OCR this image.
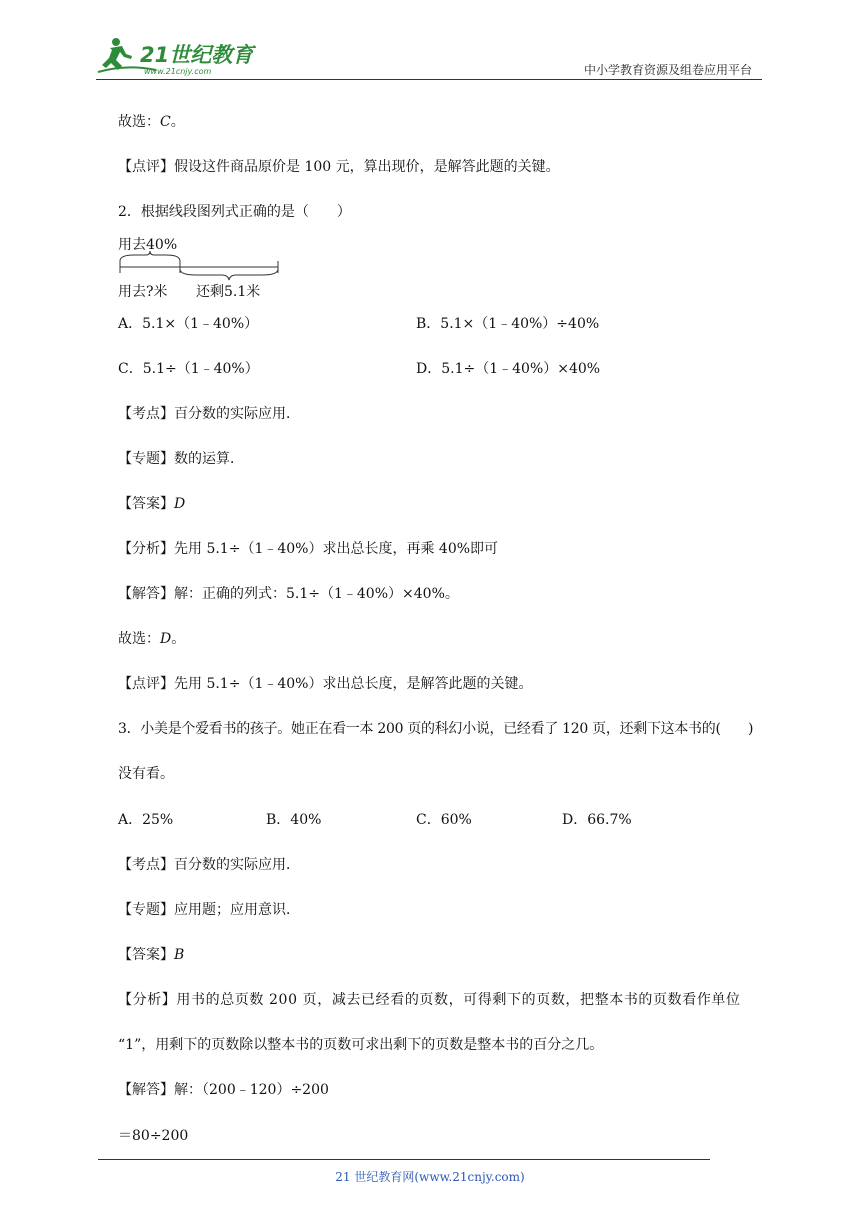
21世纪教育
www.21cnjy.com	中小学教育资源及组卷应用平台
故选：C。
【点评】假设这件商品原价是 100 元，算出现价，是解答此题的关键。
2．根据线段图列式正确的是（　　）
用去40%
用去?米 还剩5.1米
A．5.1×（1﹣40%）	B．5.1×（1﹣40%）÷40%
C．5.1÷（1﹣40%）	D．5.1÷（1﹣40%）×40%
【考点】百分数的实际应用．
【专题】数的运算．
【答案】D
【分析】先用 5.1÷（1﹣40%）求出总长度，再乘 40%即可
【解答】解：正确的列式：5.1÷（1﹣40%）×40%。
故选：D。
【点评】先用 5.1÷（1﹣40%）求出总长度，是解答此题的关键。
3．小美是个爱看书的孩子。她正在看一本 200 页的科幻小说，已经看了 120 页，还剩下这本书的(　　)
没有看。
A．25%	B．40%	C．60%	D．66.7%
【考点】百分数的实际应用．
【专题】应用题；应用意识．
【答案】B
【分析】用书的总页数 200 页，减去已经看的页数，可得剩下的页数，把整本书的页数看作单位
“1”，用剩下的页数除以整本书的页数可求出剩下的页数是整本书的百分之几。
【解答】解：（200﹣120）÷200
＝80÷200
21 世纪教育网(www.21cnjy.com)
